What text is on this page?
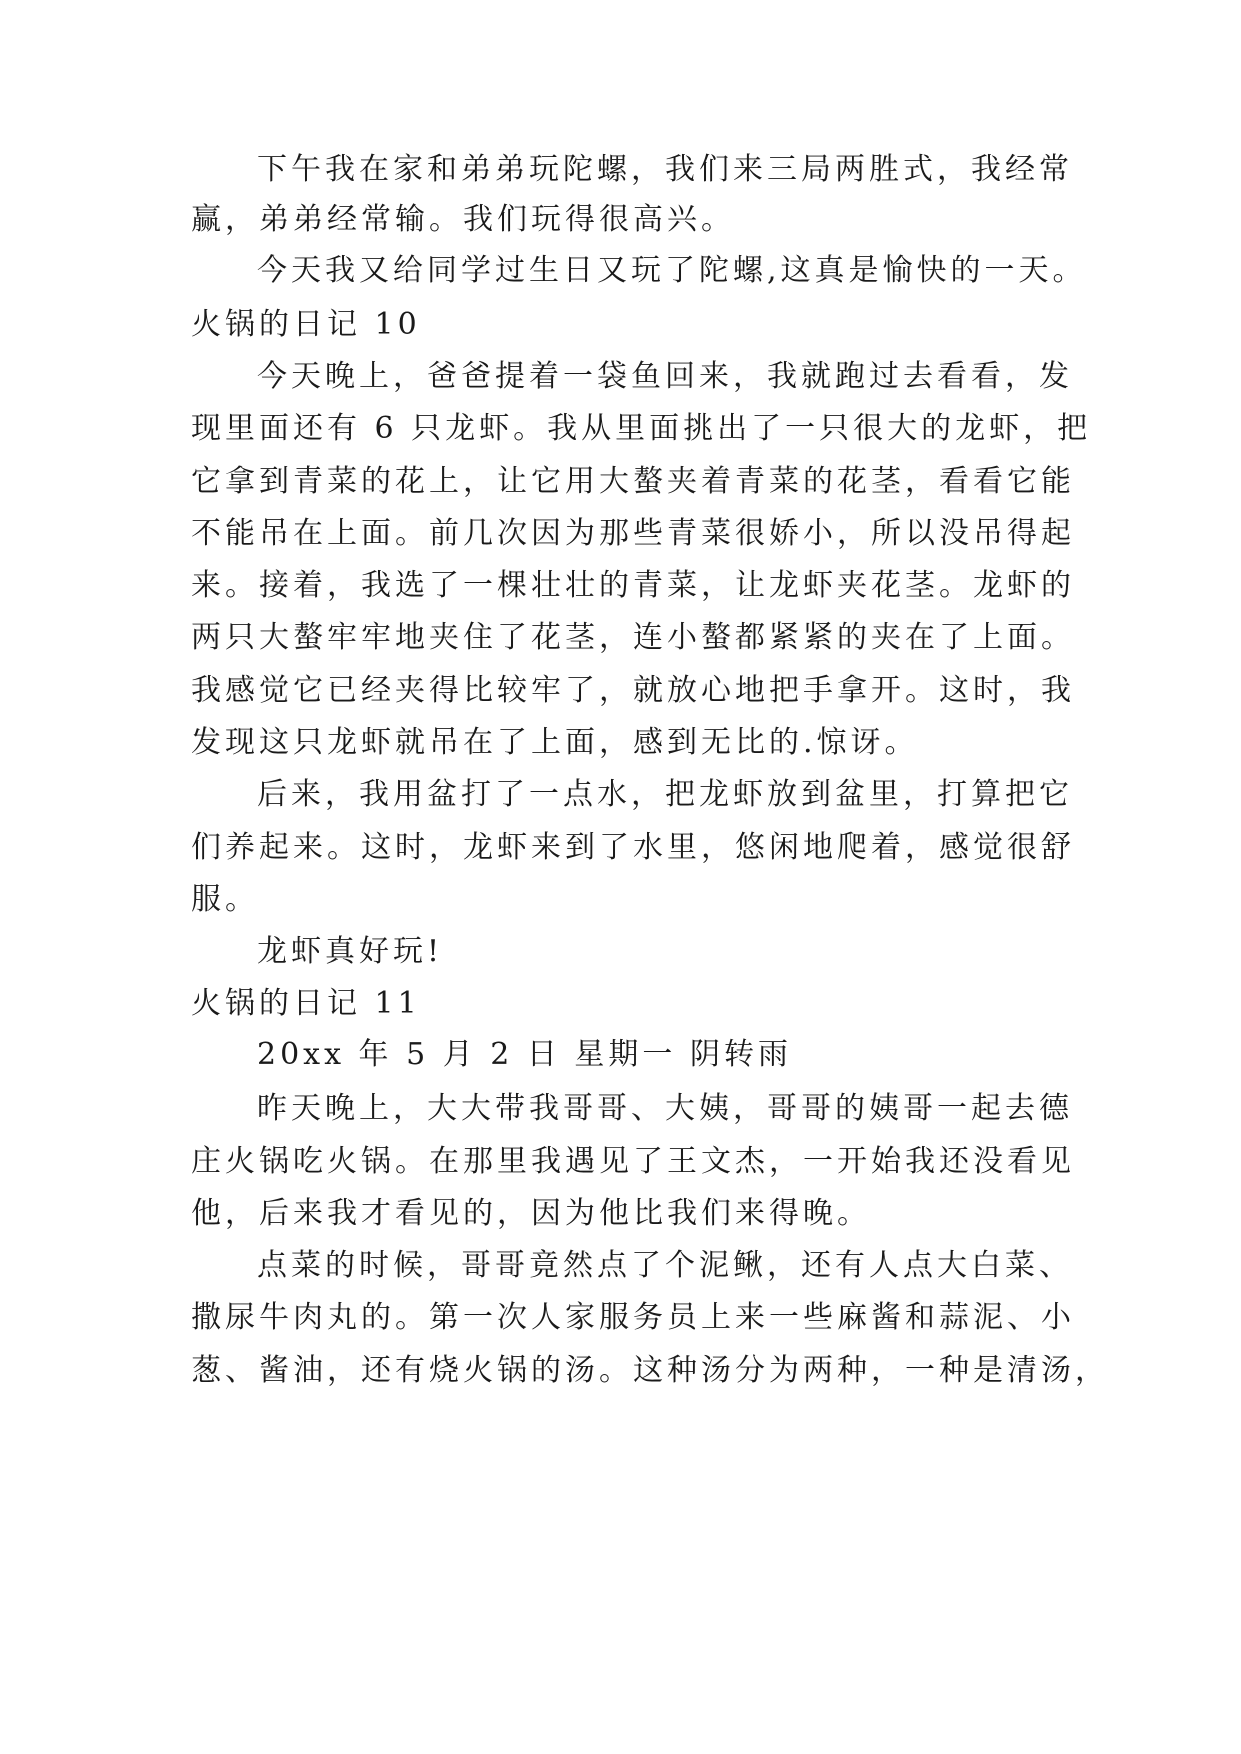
下午我在家和弟弟玩陀螺，我们来三局两胜式，我经常
赢，弟弟经常输。我们玩得很高兴。
今天我又给同学过生日又玩了陀螺,这真是愉快的一天。
火锅的日记 10
今天晚上，爸爸提着一袋鱼回来，我就跑过去看看，发
现里面还有 6 只龙虾。我从里面挑出了一只很大的龙虾，把
它拿到青菜的花上，让它用大螯夹着青菜的花茎，看看它能
不能吊在上面。前几次因为那些青菜很娇小，所以没吊得起
来。接着，我选了一棵壮壮的青菜，让龙虾夹花茎。龙虾的
两只大螯牢牢地夹住了花茎，连小螯都紧紧的夹在了上面。
我感觉它已经夹得比较牢了，就放心地把手拿开。这时，我
发现这只龙虾就吊在了上面，感到无比的.惊讶。
后来，我用盆打了一点水，把龙虾放到盆里，打算把它
们养起来。这时，龙虾来到了水里，悠闲地爬着，感觉很舒
服。
龙虾真好玩!
火锅的日记 11
20xx 年 5 月 2 日 星期一 阴转雨
昨天晚上，大大带我哥哥、大姨，哥哥的姨哥一起去德
庄火锅吃火锅。在那里我遇见了王文杰，一开始我还没看见
他，后来我才看见的，因为他比我们来得晚。
点菜的时候，哥哥竟然点了个泥鳅，还有人点大白菜、
撒尿牛肉丸的。第一次人家服务员上来一些麻酱和蒜泥、小
葱、酱油，还有烧火锅的汤。这种汤分为两种，一种是清汤，
